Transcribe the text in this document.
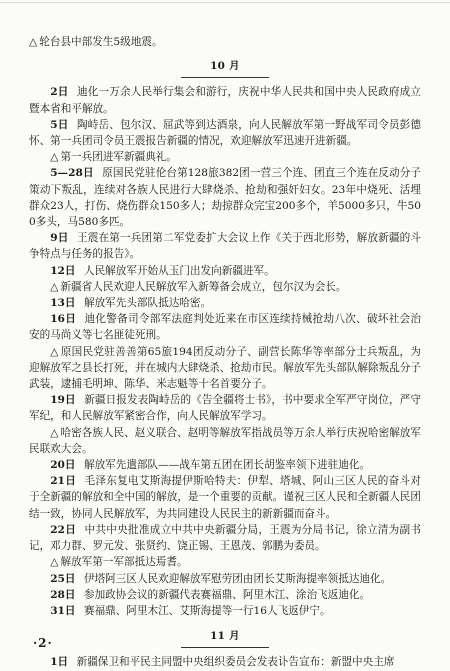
△ 轮台县中部发生5级地震。

10 月

2日 迪化一万余人民举行集会和游行，庆祝中华人民共和国中央人民政府成立暨本省和平解放。

5日 陶峙岳、包尔汉、屈武等到达酒泉，向人民解放军第一野战军司令员彭德怀、第一兵团司令员王震报告新疆的情况，欢迎解放军迅速开进新疆。

△ 第一兵团进军新疆典礼。

5—28日 原国民党驻伦台第128旅382团一营三个连、团直三个连在反动分子策动下叛乱，连续对各族人民进行大肆烧杀、抢劫和强奸妇女。23年中烧死、活埋群众23人，打伤、烧伤群众150多人；劫掠群众完宝200多个，羊5000多只，牛500多头，马580多匹。

9日 王震在第一兵团第二军党委扩大会议上作《关于西北形势，解放新疆的斗争特点与任务的报告》。

12日 人民解放军开始从玉门出发向新疆进军。

△ 新疆省人民欢迎人民解放军入新筹备会成立，包尔汉为会长。

13日 解放军先头部队抵达哈密。

16日 迪化警备司令部军法庭判处近来在市区连续持械抢劫八次、破坏社会治安的马尚义等七名匪徒死刑。

△ 原国民党驻善善第65旅194团反动分子、副营长陈华等率部分士兵叛乱，为迎解放军之县长打死，并在城内大肆烧杀、抢劫市民。解放军先头部队解除叛乱分子武装，逮捕毛明坤、陈华、米志魁等十名首要分子。

19日 新疆日报发表陶峙岳的《告全疆将士书》，书中要求全军严守岗位，严守军纪，和人民解放军紧密合作，向人民解放军学习。

△ 哈密各族人民、赵义联合、赵明等解放军指战员等万余人举行庆祝哈密解放军民联欢大会。

20日 解放军先遣部队——战车第五团在团长胡鉴率领下进驻迪化。

21日 毛泽东复电艾斯海提伊斯哈特夫：伊犁、塔城、阿山三区人民的奋斗对于全新疆的解放和全中国的解放，是一个重要的贡献。谨祝三区人民和全新疆人民团结一致，协同人民解放军，为共同建设人民民主的新新疆而奋斗。

22日 中共中央批准成立中共中央新疆分局，王震为分局书记，徐立清为副书记，邓力群、罗元发、张贤约、饶正锡、王恩茂、郭鹏为委员。

△ 解放军第一军部抵达焉耆。

25日 伊塔阿三区人民欢迎解放军慰劳团由团长艾斯海提率领抵达迪化。

28日 参加政协会议的新疆代表赛福鼎、阿里木江、涂治飞返迪化。

31日 赛福鼎、阿里木江、艾斯海提等一行16人飞返伊宁。

11 月

1日 新疆保卫和平民主同盟中央组织委员会发表讣告宣布：新盟中央主席

·2·
